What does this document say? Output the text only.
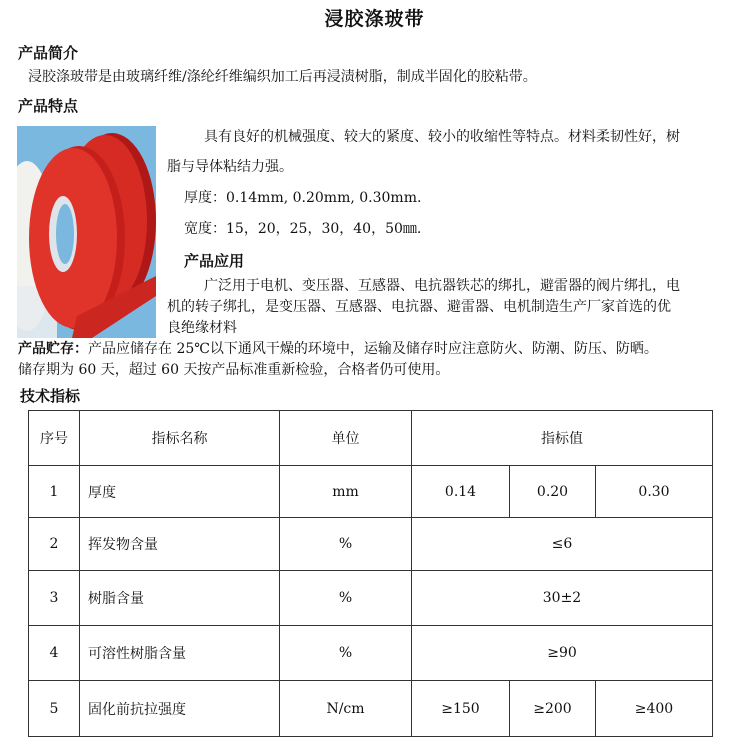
浸胶涤玻带
产品简介
浸胶涤玻带是由玻璃纤维/涤纶纤维编织加工后再浸渍树脂，制成半固化的胶粘带。
产品特点
具有良好的机械强度、较大的紧度、较小的收缩性等特点。材料柔韧性好，树
脂与导体粘结力强。
厚度：0.14mm, 0.20mm, 0.30mm.
宽度：15，20，25，30，40，50㎜.
产品应用
广泛用于电机、变压器、互感器、电抗器铁芯的绑扎，避雷器的阀片绑扎，电
机的转子绑扎，是变压器、互感器、电抗器、避雷器、电机制造生产厂家首选的优
良绝缘材料
产品贮存：产品应储存在 25℃以下通风干燥的环境中，运输及储存时应注意防火、防潮、防压、防晒。
储存期为 60 天，超过 60 天按产品标准重新检验，合格者仍可使用。
技术指标
序号	指标名称	单位	指标值		
1	厚度	mm	0.14	0.20	0.30
2	挥发物含量	%	≤6		
3	树脂含量	%	30±2		
4	可溶性树脂含量	%	≥90		
5	固化前抗拉强度	N/cm	≥150	≥200	≥400
